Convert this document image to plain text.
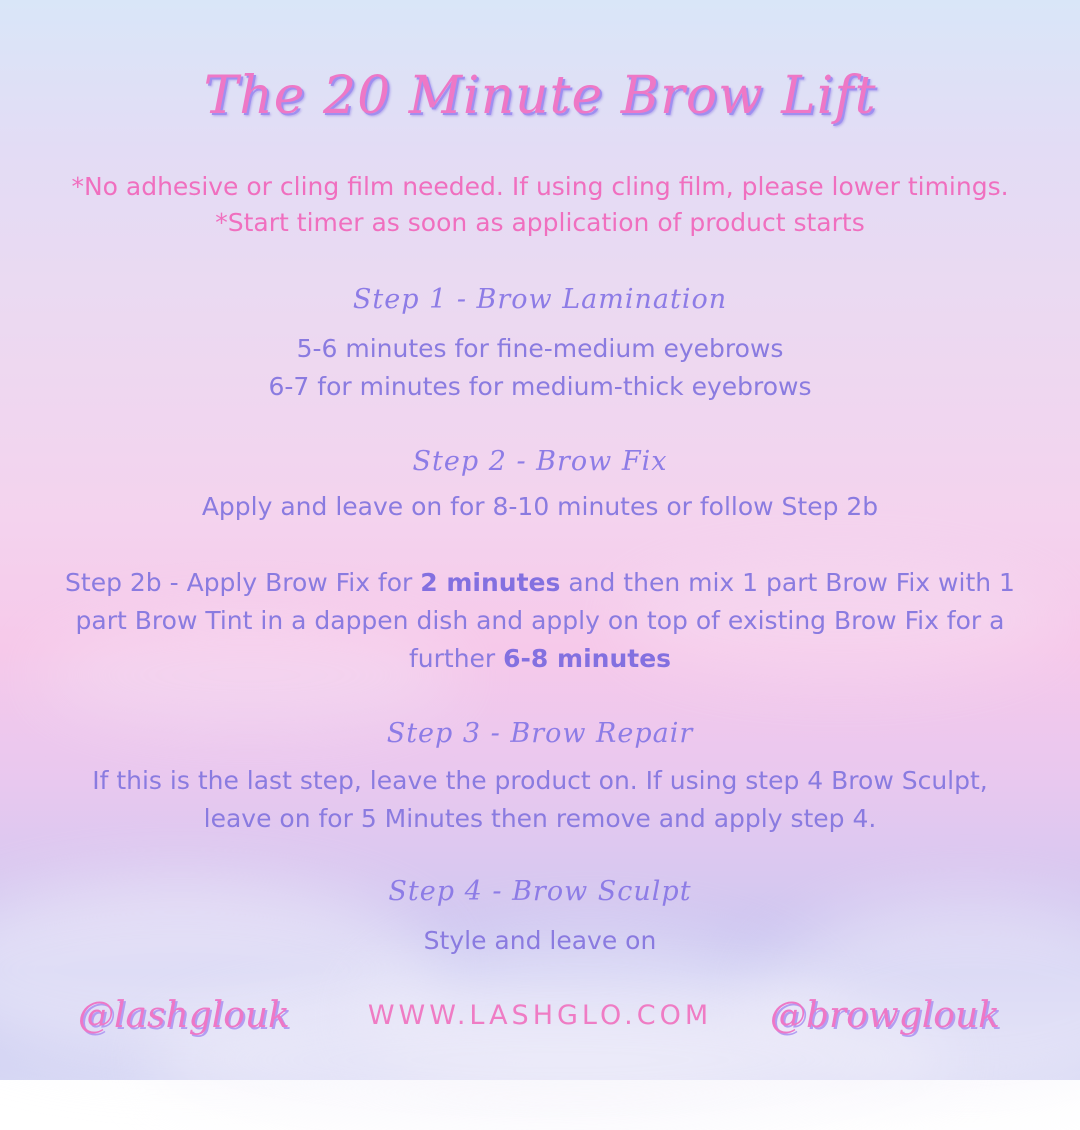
The 20 Minute Brow Lift
*No adhesive or cling film needed. If using cling film, please lower timings.
*Start timer as soon as application of product starts
Step 1 - Brow Lamination
5-6 minutes for fine-medium eyebrows
6-7 for minutes for medium-thick eyebrows
Step 2 - Brow Fix
Apply and leave on for 8-10 minutes or follow Step 2b
Step 2b - Apply Brow Fix for 2 minutes and then mix 1 part Brow Fix with 1
part Brow Tint in a dappen dish and apply on top of existing Brow Fix for a
further 6-8 minutes
Step 3 - Brow Repair
If this is the last step, leave the product on. If using step 4 Brow Sculpt,
leave on for 5 Minutes then remove and apply step 4.
Step 4 - Brow Sculpt
Style and leave on
@lashglouk	WWW.LASHGLO.COM @browglouk
